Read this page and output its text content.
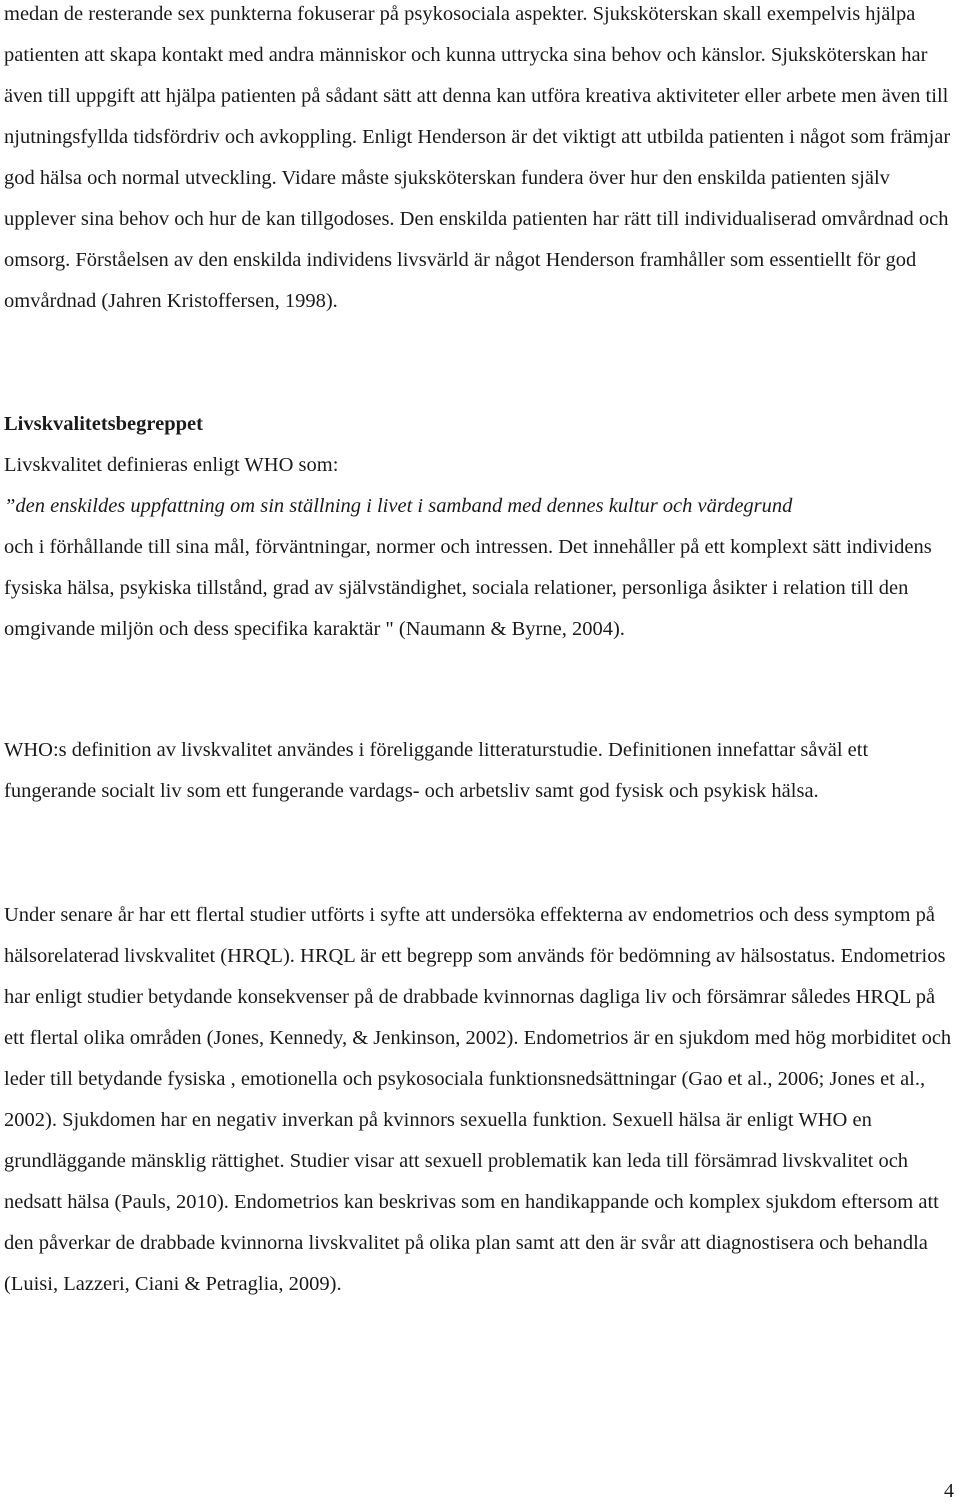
medan de resterande sex punkterna fokuserar på psykosociala aspekter. Sjuksköterskan skall exempelvis hjälpa patienten att skapa kontakt med andra människor och kunna uttrycka sina behov och känslor. Sjuksköterskan har även till uppgift att hjälpa patienten på sådant sätt att denna kan utföra kreativa aktiviteter eller arbete men även till njutningsfyllda tidsfördriv och avkoppling. Enligt Henderson är det viktigt att utbilda patienten i något som främjar god hälsa och normal utveckling. Vidare måste sjuksköterskan fundera över hur den enskilda patienten själv upplever sina behov och hur de kan tillgodoses. Den enskilda patienten har rätt till individualiserad omvårdnad och omsorg. Förståelsen av den enskilda individens livsvärld är något Henderson framhåller som essentiellt för god omvårdnad (Jahren Kristoffersen, 1998).

Livskvalitetsbegreppet

Livskvalitet definieras enligt WHO som:
”den enskildes uppfattning om sin ställning i livet i samband med dennes kultur och värdegrund
och i förhållande till sina mål, förväntningar, normer och intressen. Det innehåller på ett komplext sätt individens fysiska hälsa, psykiska tillstånd, grad av självständighet, sociala relationer, personliga åsikter i relation till den omgivande miljön och dess specifika karaktär " (Naumann & Byrne, 2004).

WHO:s definition av livskvalitet användes i föreliggande litteraturstudie. Definitionen innefattar såväl ett fungerande socialt liv som ett fungerande vardags- och arbetsliv samt god fysisk och psykisk hälsa.

Under senare år har ett flertal studier utförts i syfte att undersöka effekterna av endometrios och dess symptom på hälsorelaterad livskvalitet (HRQL). HRQL är ett begrepp som används för bedömning av hälsostatus. Endometrios har enligt studier betydande konsekvenser på de drabbade kvinnornas dagliga liv och försämrar således HRQL på ett flertal olika områden (Jones, Kennedy, & Jenkinson, 2002). Endometrios är en sjukdom med hög morbiditet och leder till betydande fysiska , emotionella och psykosociala funktionsnedsättningar (Gao et al., 2006; Jones et al., 2002). Sjukdomen har en negativ inverkan på kvinnors sexuella funktion. Sexuell hälsa är enligt WHO en grundläggande mänsklig rättighet. Studier visar att sexuell problematik kan leda till försämrad livskvalitet och nedsatt hälsa (Pauls, 2010). Endometrios kan beskrivas som en handikappande och komplex sjukdom eftersom att den påverkar de drabbade kvinnorna livskvalitet på olika plan samt att den är svår att diagnostisera och behandla (Luisi, Lazzeri, Ciani & Petraglia, 2009).

4
